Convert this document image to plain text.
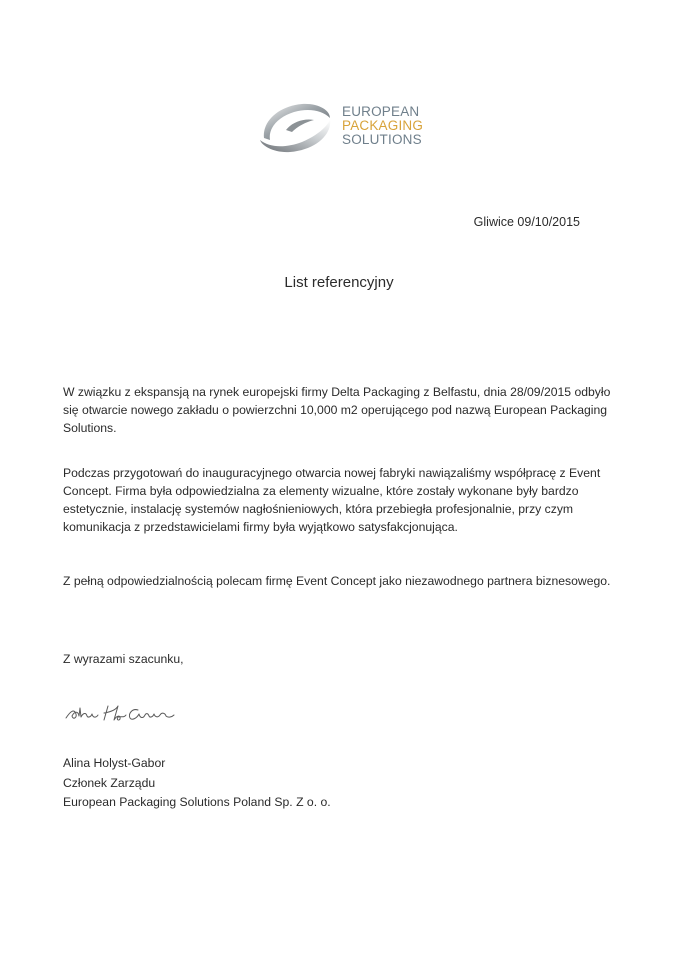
EUROPEAN
PACKAGING
SOLUTIONS
Gliwice 09/10/2015
List referencyjny
W związku z ekspansją na rynek europejski firmy Delta Packaging z Belfastu, dnia 28/09/2015 odbyło się otwarcie nowego zakładu o powierzchni 10,000 m2 operującego pod nazwą European Packaging Solutions.
Podczas przygotowań do inauguracyjnego otwarcia nowej fabryki nawiązaliśmy współpracę z Event Concept. Firma była odpowiedzialna za elementy wizualne, które zostały wykonane były bardzo estetycznie, instalację systemów nagłośnieniowych, która przebiegła profesjonalnie, przy czym komunikacja z przedstawicielami firmy była wyjątkowo satysfakcjonująca.
Z pełną odpowiedzialnością polecam firmę Event Concept jako niezawodnego partnera biznesowego.
Z wyrazami szacunku,
Alina Holyst-Gabor
Członek Zarządu
European Packaging Solutions Poland Sp. Z o. o.
